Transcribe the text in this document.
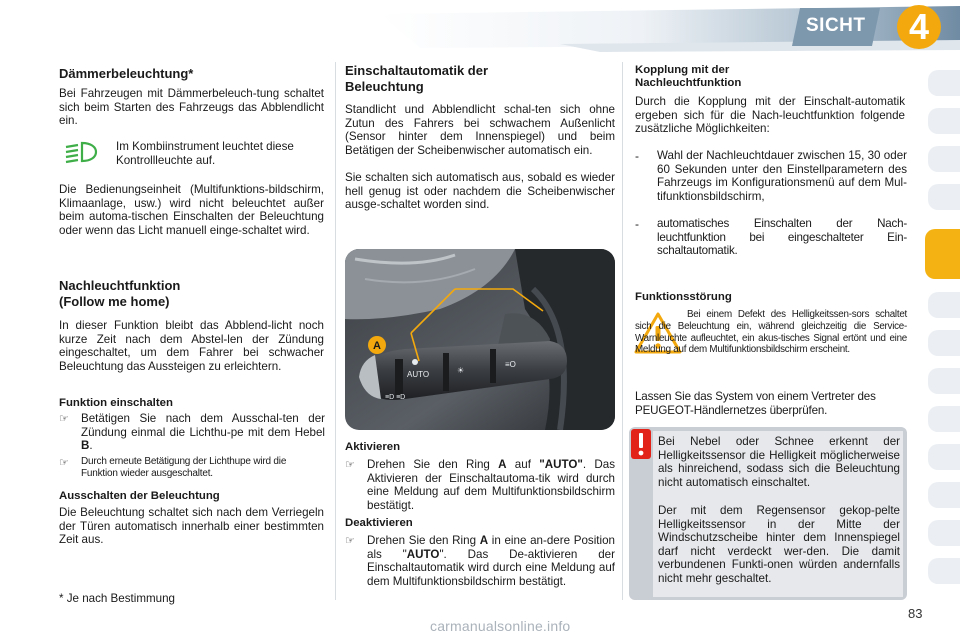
SICHT	4
Dämmerbeleuchtung*
Bei Fahrzeugen mit Dämmerbeleuch-tung schaltet sich beim Starten des Fahrzeugs das Abblendlicht ein.
Im Kombiinstrument leuchtet diese Kontrollleuchte auf.
Die Bedienungseinheit (Multifunktions-bildschirm, Klimaanlage, usw.) wird nicht beleuchtet außer beim automa-tischen Einschalten der Beleuchtung oder wenn das Licht manuell einge-schaltet wird.
Nachleuchtfunktion
(Follow me home)
In dieser Funktion bleibt das Abblend-licht noch kurze Zeit nach dem Abstel-len der Zündung eingeschaltet, um dem Fahrer bei schwacher Beleuchtung das Aussteigen zu erleichtern.
Funktion einschalten
☞ Betätigen Sie nach dem Ausschal-ten der Zündung einmal die Lichthu-pe mit dem Hebel B.
☞ Durch erneute Betätigung der Lichthupe wird die Funktion wieder ausgeschaltet.
Ausschalten der Beleuchtung
Die Beleuchtung schaltet sich nach dem Verriegeln der Türen automatisch innerhalb einer bestimmten Zeit aus.
* Je nach Bestimmung
Einschaltautomatik der
Beleuchtung
Standlicht und Abblendlicht schal-ten sich ohne Zutun des Fahrers bei schwachem Außenlicht (Sensor hinter dem Innenspiegel) und beim Betätigen der Scheibenwischer automatisch ein.
Sie schalten sich automatisch aus, sobald es wieder hell genug ist oder nachdem die Scheibenwischer ausge-schaltet worden sind.
AUTO	☀︎
≡D ≡D
≡O
A
Aktivieren
☞ Drehen Sie den Ring A auf "AUTO". Das Aktivieren der Einschaltautoma-tik wird durch eine Meldung auf dem Multifunktionsbildschirm bestätigt.
Deaktivieren
☞ Drehen Sie den Ring A in eine an-dere Position als "AUTO". Das De-aktivieren der Einschaltautomatik wird durch eine Meldung auf dem Multifunktionsbildschirm bestätigt.
Kopplung mit der
Nachleuchtfunktion
Durch die Kopplung mit der Einschalt-automatik ergeben sich für die Nach-leuchtfunktion folgende zusätzliche Möglichkeiten:
- Wahl der Nachleuchtdauer zwischen 15, 30 oder 60 Sekunden unter den Einstellparametern des Fahrzeugs im Konfigurationsmenü auf dem Mul-tifunktionsbildschirm,
- automatisches Einschalten der Nach-leuchtfunktion bei eingeschalteter Ein-schaltautomatik.
Funktionsstörung
Bei einem Defekt des Helligkeitssen-sors schaltet sich die Beleuchtung ein, während gleichzeitig die Service-Warnleuchte aufleuchtet, ein akus-tisches Signal ertönt und eine Meldung auf dem Multifunktionsbildschirm erscheint.
Lassen Sie das System von einem Vertreter des PEUGEOT-Händlernetzes überprüfen.
Bei Nebel oder Schnee erkennt der Helligkeitssensor die Helligkeit möglicherweise als hinreichend, sodass sich die Beleuchtung nicht automatisch einschaltet.
Der mit dem Regensensor gekop-pelte Helligkeitssensor in der Mitte der Windschutzscheibe hinter dem Innenspiegel darf nicht verdeckt wer-den. Die damit verbundenen Funkti-onen würden andernfalls nicht mehr geschaltet.
83
carmanualsonline.info
